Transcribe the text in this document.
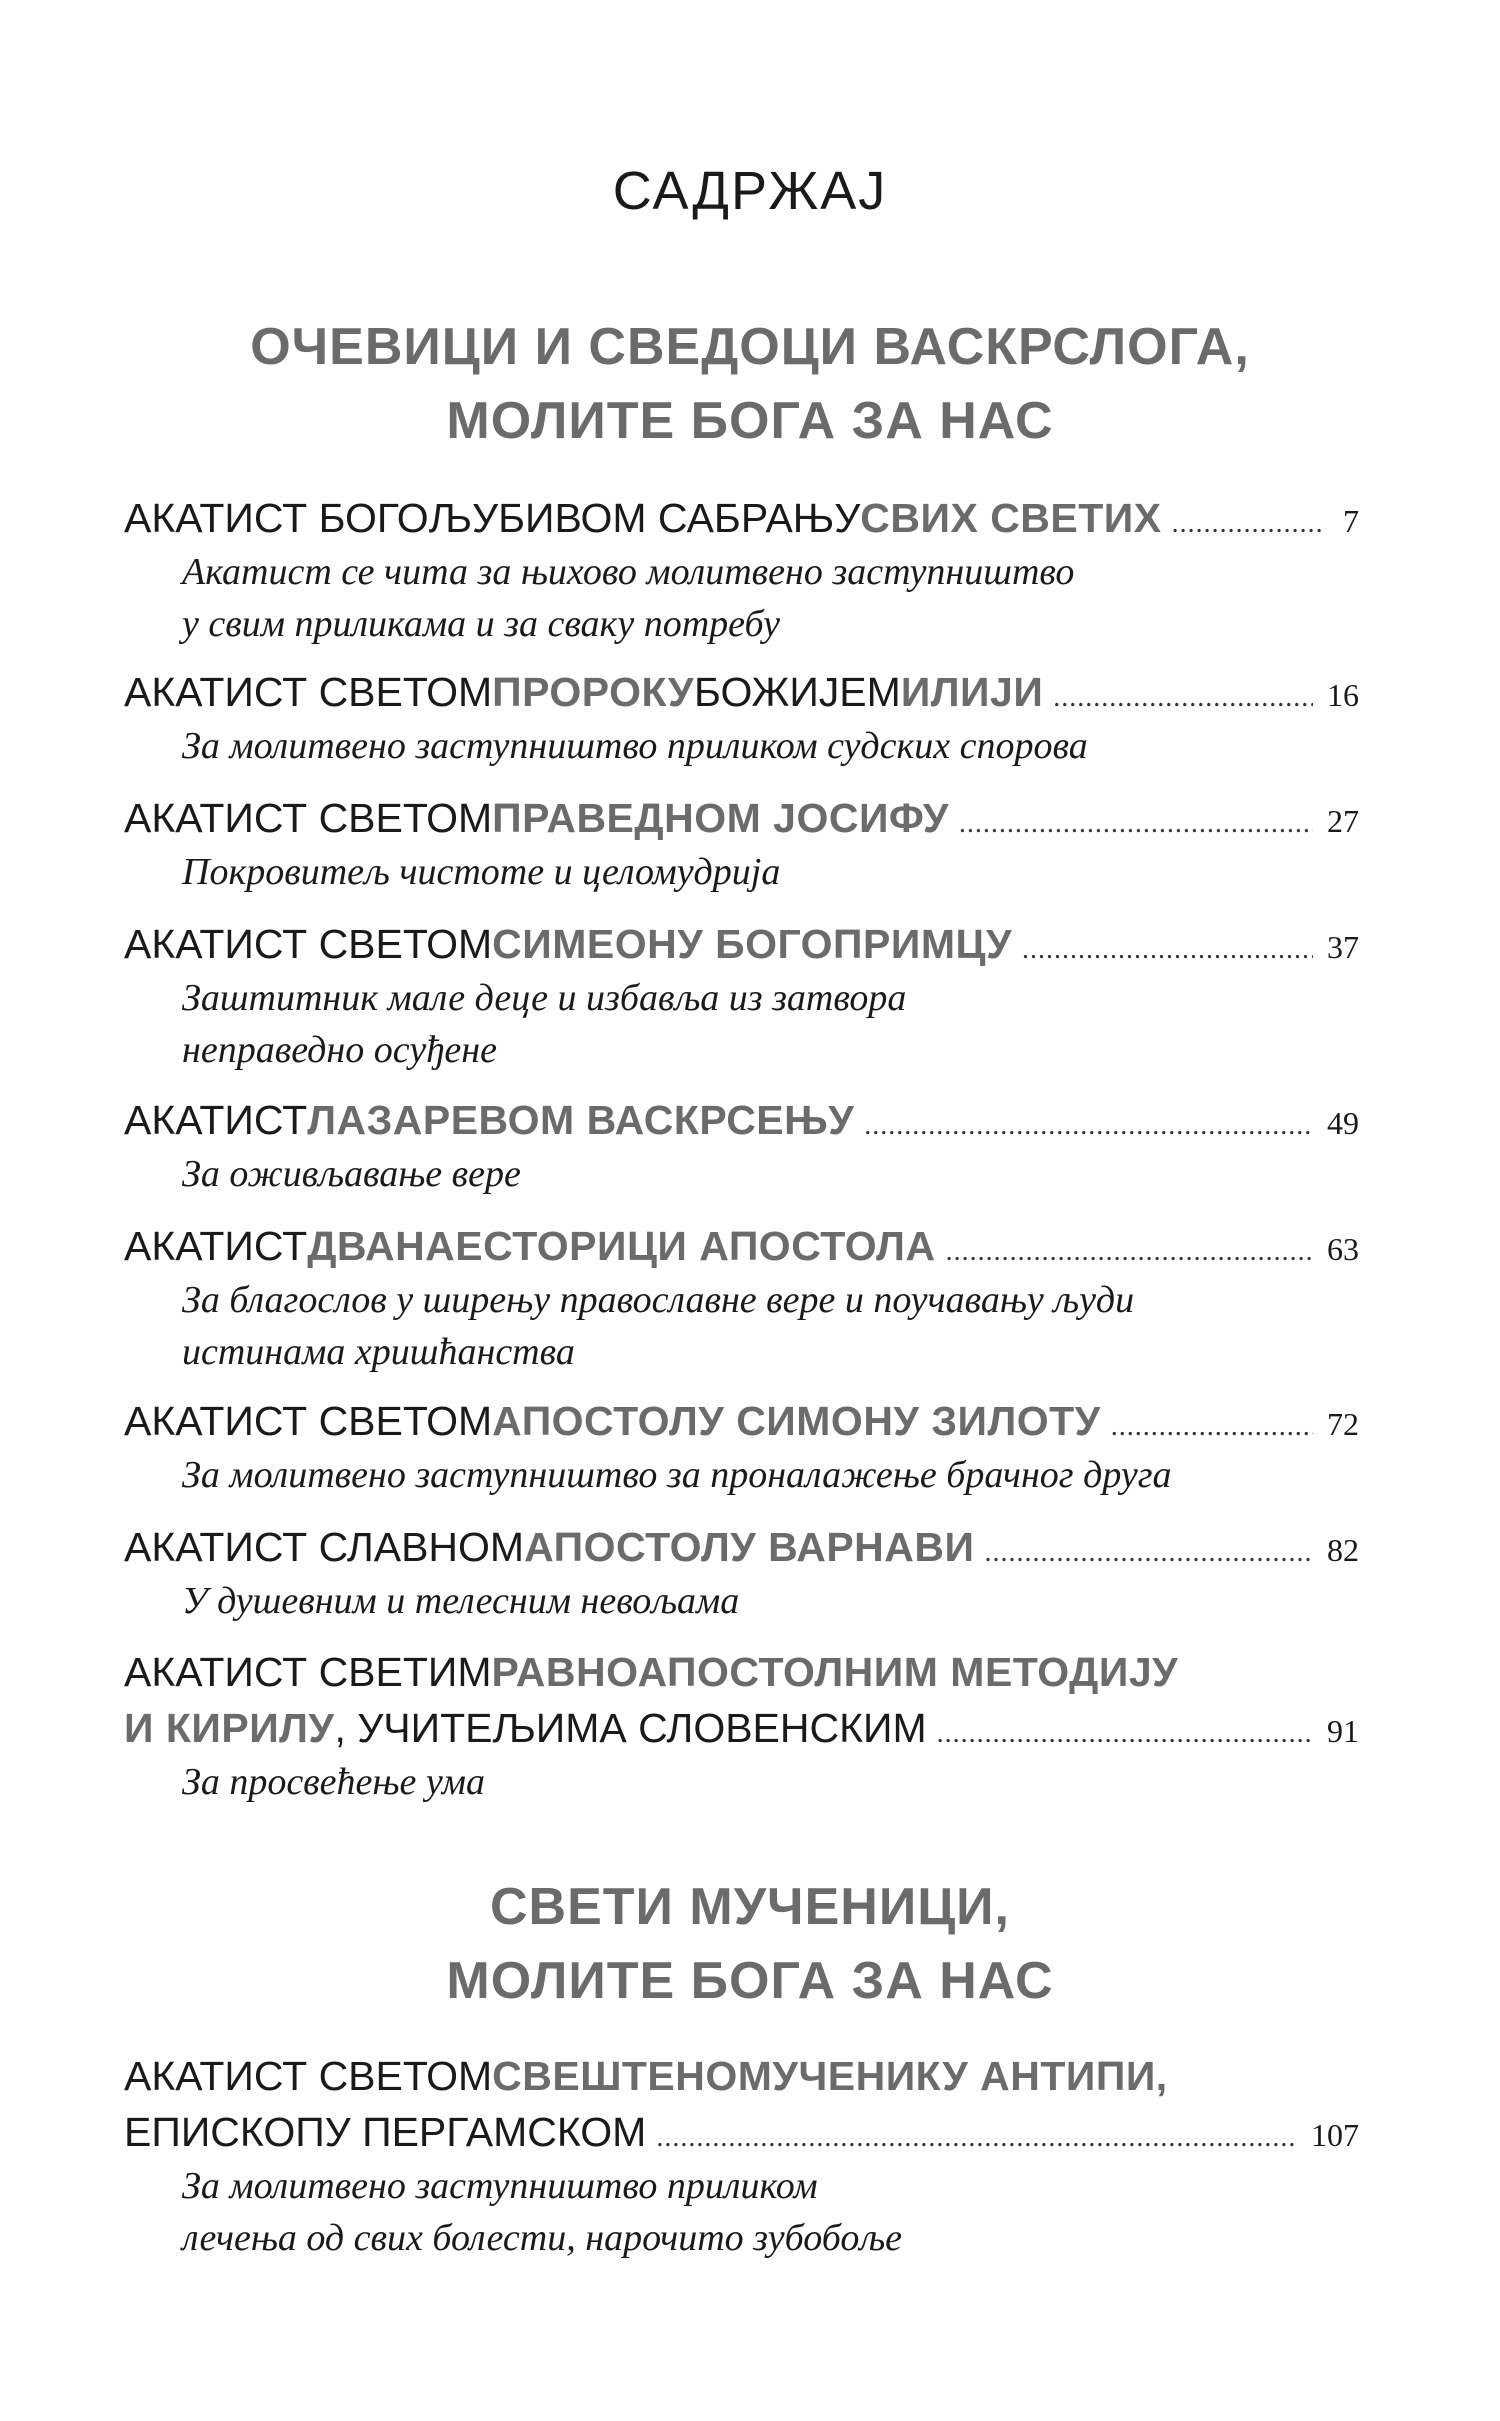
САДРЖАЈ
ОЧЕВИЦИ И СВЕДОЦИ ВАСКРСЛОГА,
МОЛИТЕ БОГА ЗА НАС
АКАТИСТ БОГОЉУБИВОМ САБРАЊУ СВИХ СВЕТИХ . . .	7
Акатист се чита за њихово молитвено заступништво
у свим приликама и за сваку потребу
АКАТИСТ СВЕТОМ ПРОРОКУ БОЖИЈЕМ ИЛИЈИ . . .	16
За молитвено заступништво приликом судских спорова
АКАТИСТ СВЕТОМ ПРАВЕДНОМ ЈОСИФУ . . .	27
Покровитељ чистоте и целомудрија
АКАТИСТ СВЕТОМ СИМЕОНУ БОГОПРИМЦУ . . .	37
Заштитник мале деце и избавља из затвора
неправедно осуђене
АКАТИСТ ЛАЗАРЕВОМ ВАСКРСЕЊУ . . .	49
За оживљавање вере
АКАТИСТ ДВАНАЕСТОРИЦИ АПОСТОЛА . . .	63
За благослов у ширењу православне вере и поучавању људи
истинама хришћанства
АКАТИСТ СВЕТОМ АПОСТОЛУ СИМОНУ ЗИЛОТУ . . .	72
За молитвено заступништво за проналажење брачног друга
АКАТИСТ СЛАВНОМ АПОСТОЛУ ВАРНАВИ . . .	82
У душевним и телесним невољама
АКАТИСТ СВЕТИМ РАВНОАПОСТОЛНИМ МЕТОДИЈУ
И КИРИЛУ , УЧИТЕЉИМА СЛОВЕНСКИМ . . .	91
За просвећење ума
СВЕТИ МУЧЕНИЦИ,
МОЛИТЕ БОГА ЗА НАС
АКАТИСТ СВЕТОМ СВЕШТЕНОМУЧЕНИКУ АНТИПИ,
ЕПИСКОПУ ПЕРГАМСКОМ . . .	107
За молитвено заступништво приликом
лечења од свих болести, нарочито зубобоље
